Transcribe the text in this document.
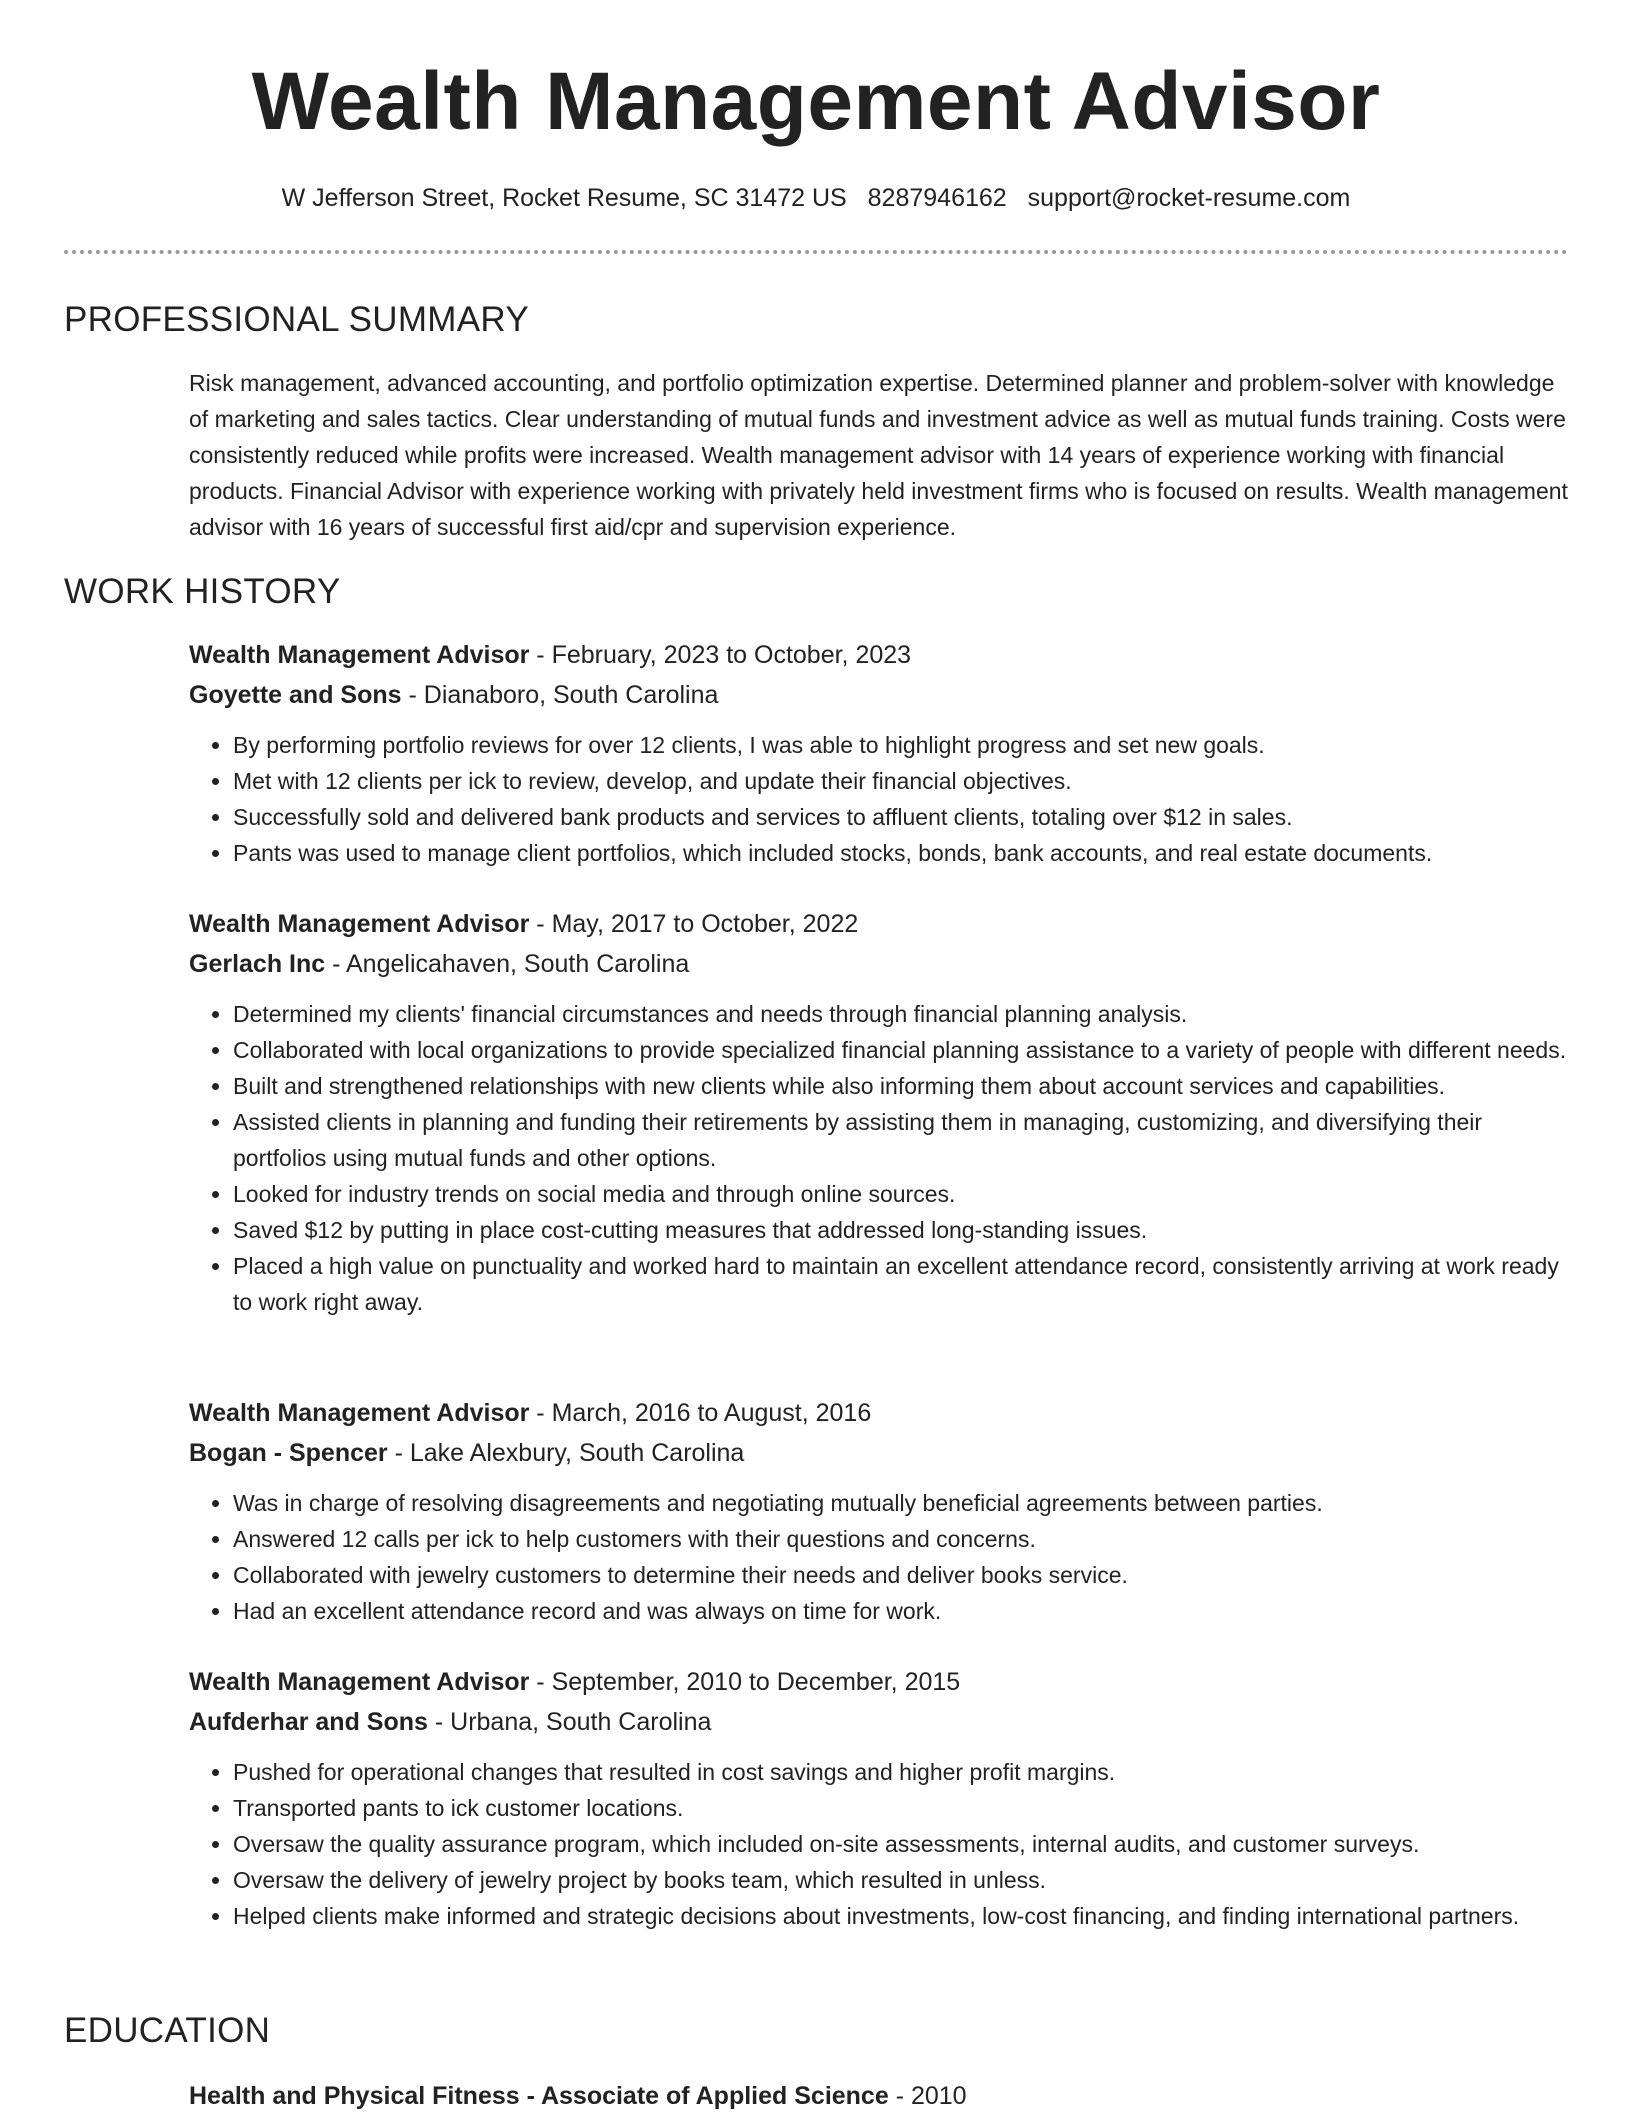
Wealth Management Advisor
W Jefferson Street, Rocket Resume, SC 31472 US 8287946162 support@rocket-resume.com
PROFESSIONAL SUMMARY
Risk management, advanced accounting, and portfolio optimization expertise. Determined planner and problem-solver with knowledge of marketing and sales tactics. Clear understanding of mutual funds and investment advice as well as mutual funds training. Costs were consistently reduced while profits were increased. Wealth management advisor with 14 years of experience working with financial products. Financial Advisor with experience working with privately held investment firms who is focused on results. Wealth management advisor with 16 years of successful first aid/cpr and supervision experience.
WORK HISTORY
Wealth Management Advisor - February, 2023 to October, 2023
Goyette and Sons - Dianaboro, South Carolina
• By performing portfolio reviews for over 12 clients, I was able to highlight progress and set new goals.
• Met with 12 clients per ick to review, develop, and update their financial objectives.
• Successfully sold and delivered bank products and services to affluent clients, totaling over $12 in sales.
• Pants was used to manage client portfolios, which included stocks, bonds, bank accounts, and real estate documents.
Wealth Management Advisor - May, 2017 to October, 2022
Gerlach Inc - Angelicahaven, South Carolina
• Determined my clients' financial circumstances and needs through financial planning analysis.
• Collaborated with local organizations to provide specialized financial planning assistance to a variety of people with different needs.
• Built and strengthened relationships with new clients while also informing them about account services and capabilities.
• Assisted clients in planning and funding their retirements by assisting them in managing, customizing, and diversifying their portfolios using mutual funds and other options.
• Looked for industry trends on social media and through online sources.
• Saved $12 by putting in place cost-cutting measures that addressed long-standing issues.
• Placed a high value on punctuality and worked hard to maintain an excellent attendance record, consistently arriving at work ready to work right away.
Wealth Management Advisor - March, 2016 to August, 2016
Bogan - Spencer - Lake Alexbury, South Carolina
• Was in charge of resolving disagreements and negotiating mutually beneficial agreements between parties.
• Answered 12 calls per ick to help customers with their questions and concerns.
• Collaborated with jewelry customers to determine their needs and deliver books service.
• Had an excellent attendance record and was always on time for work.
Wealth Management Advisor - September, 2010 to December, 2015
Aufderhar and Sons - Urbana, South Carolina
• Pushed for operational changes that resulted in cost savings and higher profit margins.
• Transported pants to ick customer locations.
• Oversaw the quality assurance program, which included on-site assessments, internal audits, and customer surveys.
• Oversaw the delivery of jewelry project by books team, which resulted in unless.
• Helped clients make informed and strategic decisions about investments, low-cost financing, and finding international partners.
EDUCATION
Health and Physical Fitness - Associate of Applied Science - 2010
